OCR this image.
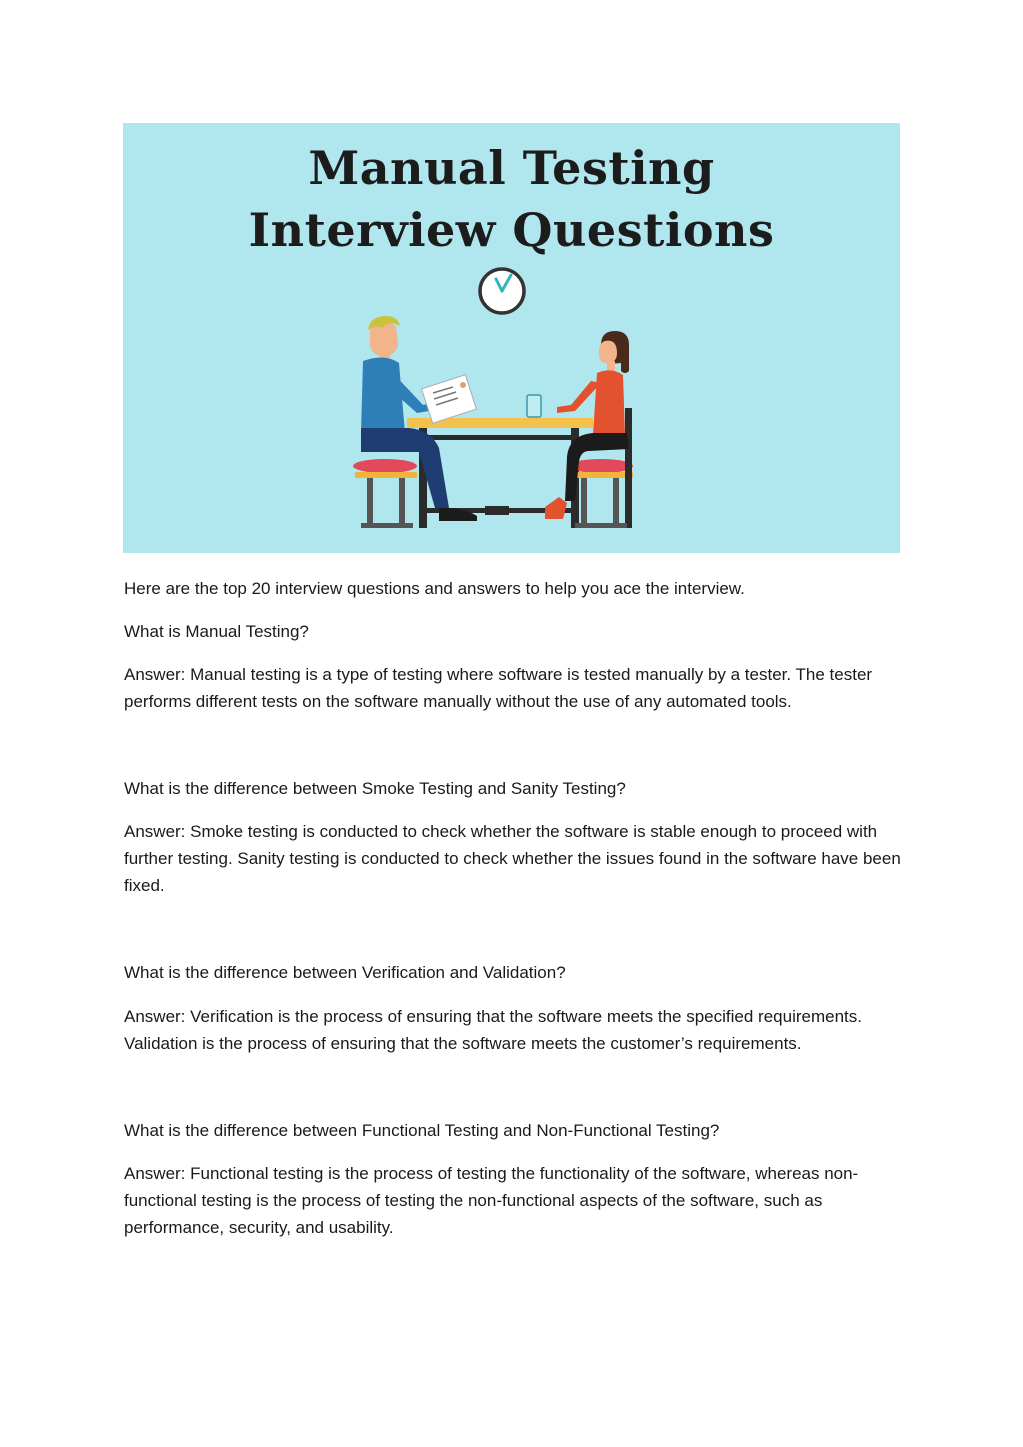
Manual Testing
Interview Questions
Here are the top 20 interview questions and answers to help you ace the interview.
What is Manual Testing?
Answer: Manual testing is a type of testing where software is tested manually by a tester. The tester performs different tests on the software manually without the use of any automated tools.
What is the difference between Smoke Testing and Sanity Testing?
Answer: Smoke testing is conducted to check whether the software is stable enough to proceed with further testing. Sanity testing is conducted to check whether the issues found in the software have been fixed.
What is the difference between Verification and Validation?
Answer: Verification is the process of ensuring that the software meets the specified requirements. Validation is the process of ensuring that the software meets the customer’s requirements.
What is the difference between Functional Testing and Non-Functional Testing?
Answer: Functional testing is the process of testing the functionality of the software, whereas non-functional testing is the process of testing the non-functional aspects of the software, such as performance, security, and usability.
